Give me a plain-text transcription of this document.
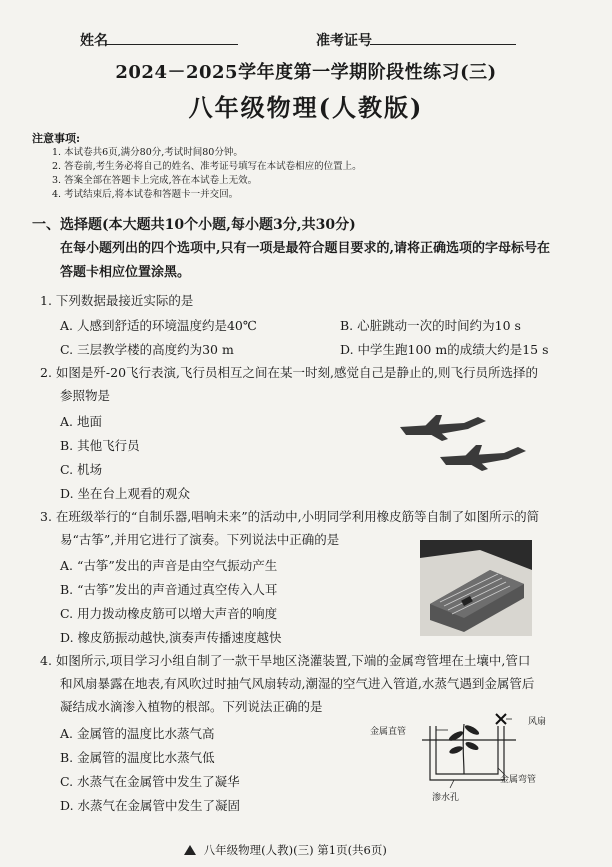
姓名	准考证号
2024－2025学年度第一学期阶段性练习(三)
八年级物理(人教版)
注意事项:
1. 本试卷共6页,满分80分,考试时间80分钟。
2. 答卷前,考生务必将自己的姓名、准考证号填写在本试卷相应的位置上。
3. 答案全部在答题卡上完成,答在本试卷上无效。
4. 考试结束后,将本试卷和答题卡一并交回。
一、选择题(本大题共10个小题,每小题3分,共30分)
在每小题列出的四个选项中,只有一项是最符合题目要求的,请将正确选项的字母标号在
答题卡相应位置涂黑。
1. 下列数据最接近实际的是
A. 人感到舒适的环境温度约是40℃	B. 心脏跳动一次的时间约为10 s
C. 三层教学楼的高度约为30 m	D. 中学生跑100 m的成绩大约是15 s
2. 如图是歼-20飞行表演,飞行员相互之间在某一时刻,感觉自己是静止的,则飞行员所选择的
参照物是
A. 地面
B. 其他飞行员
C. 机场
D. 坐在台上观看的观众
3. 在班级举行的“自制乐器,唱响未来”的活动中,小明同学利用橡皮筋等自制了如图所示的简
易“古筝”,并用它进行了演奏。下列说法中正确的是
A. “古筝”发出的声音是由空气振动产生
B. “古筝”发出的声音通过真空传入人耳
C. 用力拨动橡皮筋可以增大声音的响度
D. 橡皮筋振动越快,演奏声传播速度越快
4. 如图所示,项目学习小组自制了一款干旱地区浇灌装置,下端的金属弯管埋在土壤中,管口
和风扇暴露在地表,有风吹过时抽气风扇转动,潮湿的空气进入管道,水蒸气遇到金属管后
凝结成水滴渗入植物的根部。下列说法正确的是
A. 金属管的温度比水蒸气高
B. 金属管的温度比水蒸气低
C. 水蒸气在金属管中发生了凝华
D. 水蒸气在金属管中发生了凝固
金属直管
风扇
金属弯管
渗水孔
八年级物理(人教)(三) 第1页(共6页)
